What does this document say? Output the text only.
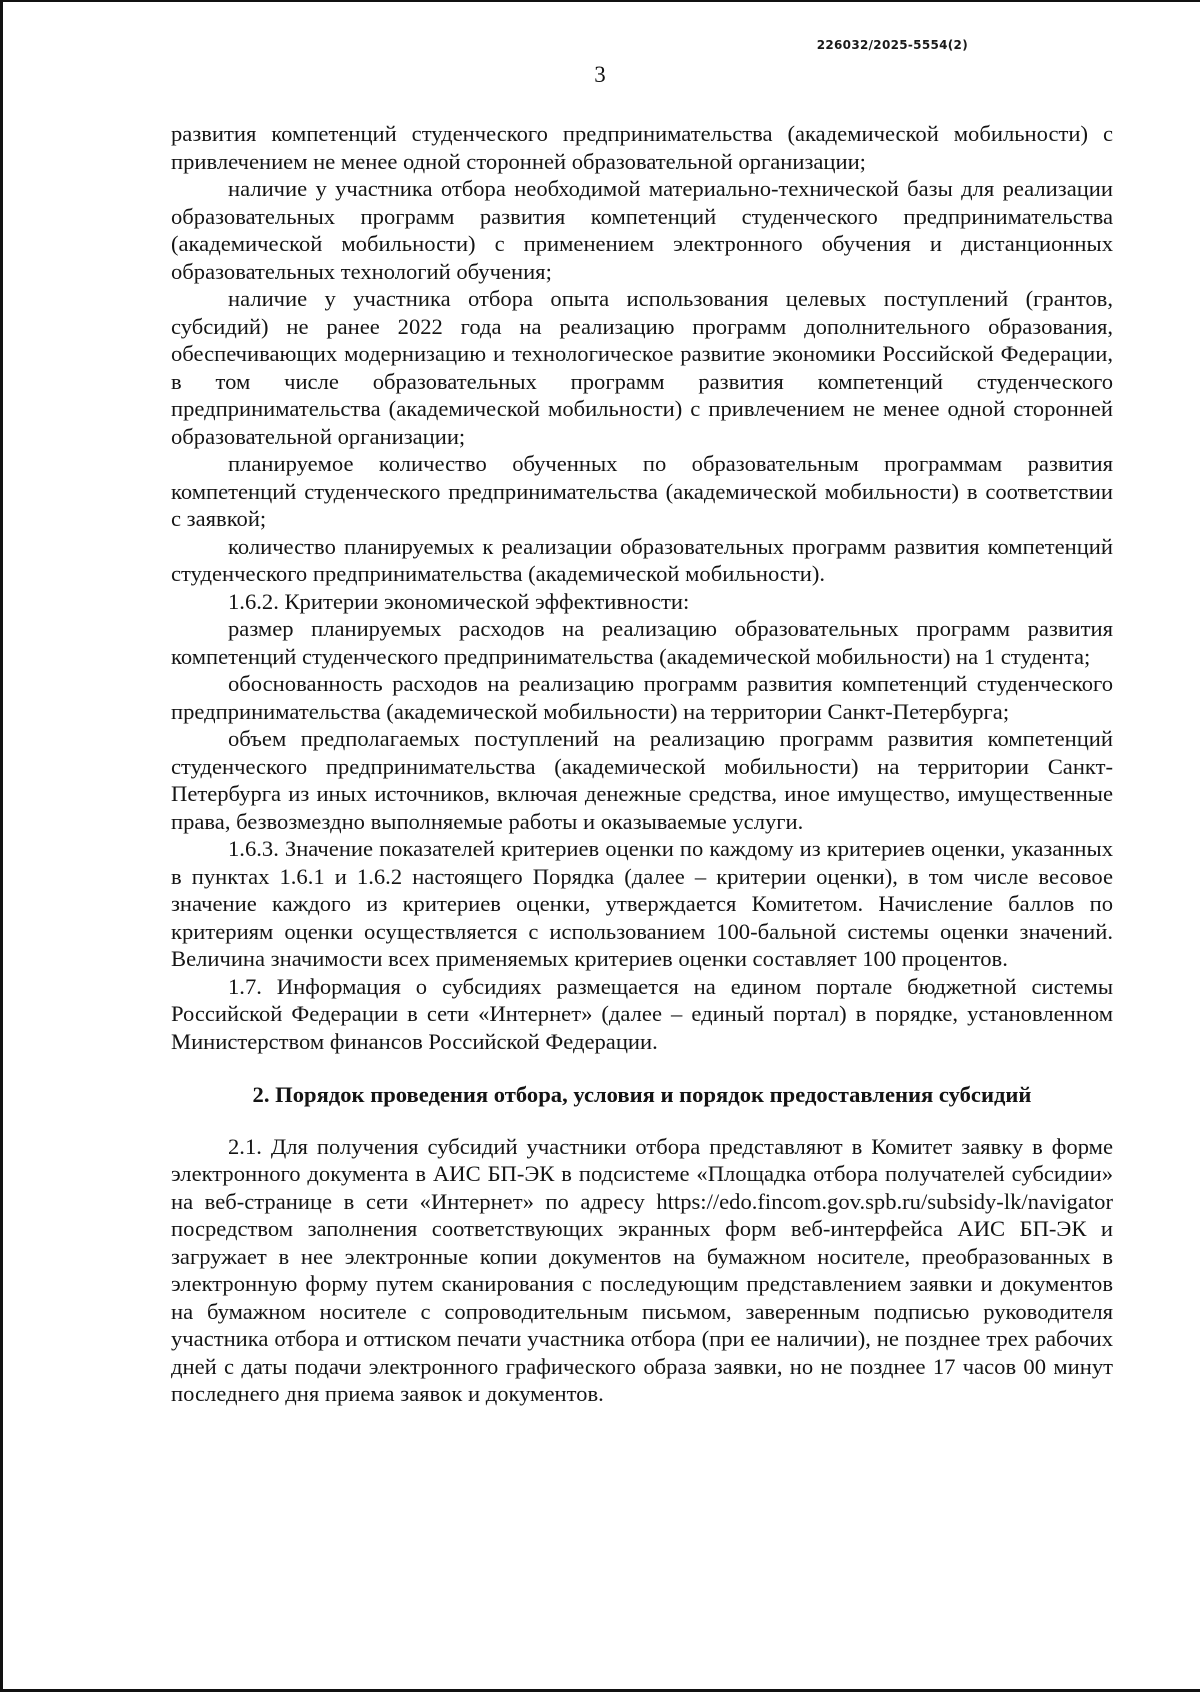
226032/2025-5554(2)
3

развития компетенций студенческого предпринимательства (академической мобильности) с привлечением не менее одной сторонней образовательной организации;

наличие у участника отбора необходимой материально-технической базы для реализации образовательных программ развития компетенций студенческого предпринимательства (академической мобильности) с применением электронного обучения и дистанционных образовательных технологий обучения;

наличие у участника отбора опыта использования целевых поступлений (грантов, субсидий) не ранее 2022 года на реализацию программ дополнительного образования, обеспечивающих модернизацию и технологическое развитие экономики Российской Федерации, в том числе образовательных программ развития компетенций студенческого предпринимательства (академической мобильности) с привлечением не менее одной сторонней образовательной организации;

планируемое количество обученных по образовательным программам развития компетенций студенческого предпринимательства (академической мобильности) в соответствии с заявкой;

количество планируемых к реализации образовательных программ развития компетенций студенческого предпринимательства (академической мобильности).

1.6.2. Критерии экономической эффективности:

размер планируемых расходов на реализацию образовательных программ развития компетенций студенческого предпринимательства (академической мобильности) на 1 студента;

обоснованность расходов на реализацию программ развития компетенций студенческого предпринимательства (академической мобильности) на территории Санкт-Петербурга;

объем предполагаемых поступлений на реализацию программ развития компетенций студенческого предпринимательства (академической мобильности) на территории Санкт-Петербурга из иных источников, включая денежные средства, иное имущество, имущественные права, безвозмездно выполняемые работы и оказываемые услуги.

1.6.3. Значение показателей критериев оценки по каждому из критериев оценки, указанных в пунктах 1.6.1 и 1.6.2 настоящего Порядка (далее – критерии оценки), в том числе весовое значение каждого из критериев оценки, утверждается Комитетом. Начисление баллов по критериям оценки осуществляется с использованием 100-бальной системы оценки значений. Величина значимости всех применяемых критериев оценки составляет 100 процентов.

1.7. Информация о субсидиях размещается на едином портале бюджетной системы Российской Федерации в сети «Интернет» (далее – единый портал) в порядке, установленном Министерством финансов Российской Федерации.

2. Порядок проведения отбора, условия и порядок предоставления субсидий

2.1. Для получения субсидий участники отбора представляют в Комитет заявку в форме электронного документа в АИС БП-ЭК в подсистеме «Площадка отбора получателей субсидии» на веб-странице в сети «Интернет» по адресу https://edo.fincom.gov.spb.ru/subsidy-lk/navigator посредством заполнения соответствующих экранных форм веб-интерфейса АИС БП-ЭК и загружает в нее электронные копии документов на бумажном носителе, преобразованных в электронную форму путем сканирования с последующим представлением заявки и документов на бумажном носителе с сопроводительным письмом, заверенным подписью руководителя участника отбора и оттиском печати участника отбора (при ее наличии), не позднее трех рабочих дней с даты подачи электронного графического образа заявки, но не позднее 17 часов 00 минут последнего дня приема заявок и документов.
